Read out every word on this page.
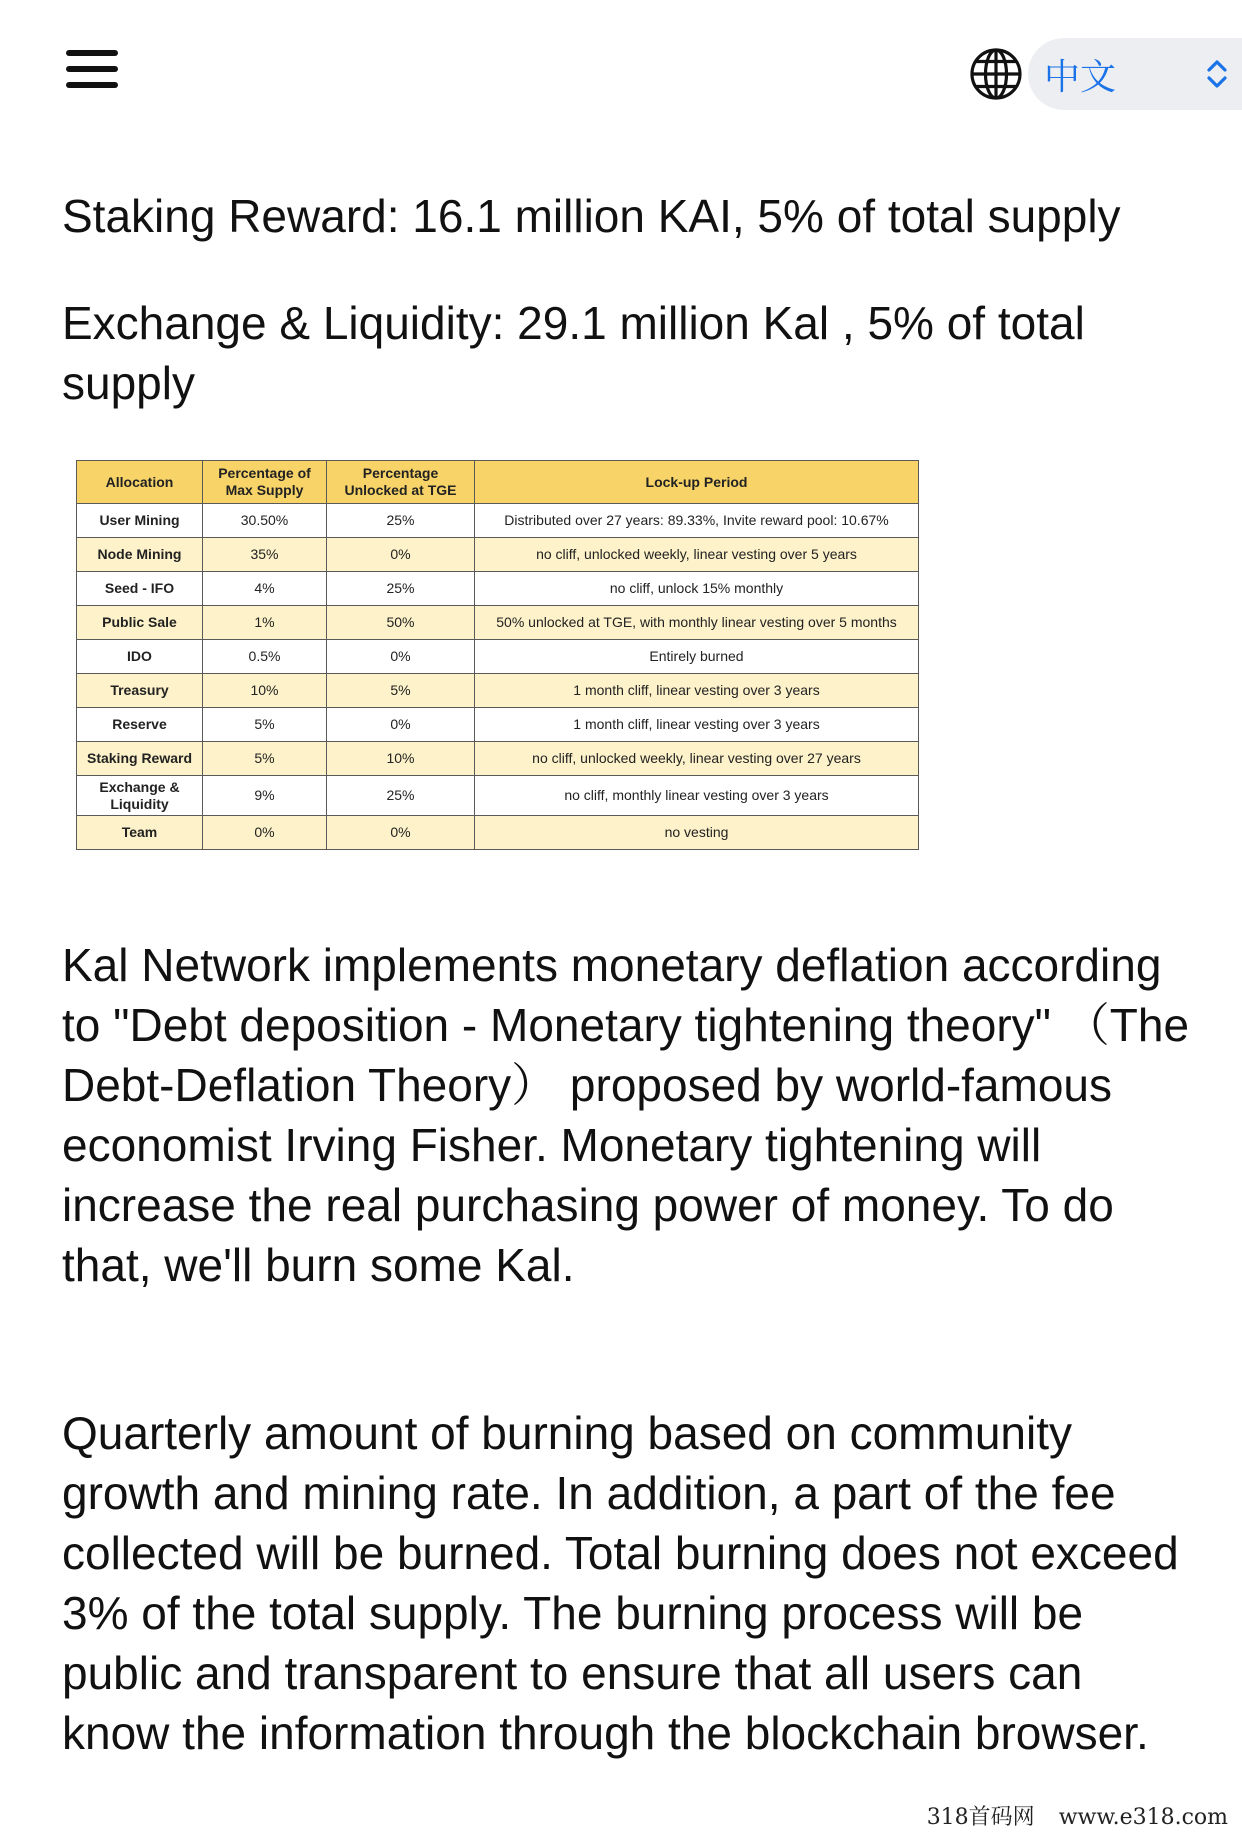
中文

Staking Reward: 16.1 million KAI, 5% of total supply

Exchange & Liquidity: 29.1 million Kal , 5% of total supply

Allocation	Percentage of Max Supply	Percentage Unlocked at TGE	Lock-up Period
User Mining	30.50%	25%	Distributed over 27 years: 89.33%, Invite reward pool: 10.67%
Node Mining	35%	0%	no cliff, unlocked weekly, linear vesting over 5 years
Seed - IFO	4%	25%	no cliff, unlock 15% monthly
Public Sale	1%	50%	50% unlocked at TGE, with monthly linear vesting over 5 months
IDO	0.5%	0%	Entirely burned
Treasury	10%	5%	1 month cliff, linear vesting over 3 years
Reserve	5%	0%	1 month cliff, linear vesting over 3 years
Staking Reward	5%	10%	no cliff, unlocked weekly, linear vesting over 27 years
Exchange & Liquidity	9%	25%	no cliff, monthly linear vesting over 3 years
Team	0%	0%	no vesting

Kal Network implements monetary deflation according to "Debt deposition - Monetary tightening theory" （The Debt-Deflation Theory） proposed by world-famous economist Irving Fisher. Monetary tightening will increase the real purchasing power of money. To do that, we'll burn some Kal.

Quarterly amount of burning based on community growth and mining rate. In addition, a part of the fee collected will be burned. Total burning does not exceed 3% of the total supply. The burning process will be public and transparent to ensure that all users can know the information through the blockchain browser.

318首码网 www.e318.com
